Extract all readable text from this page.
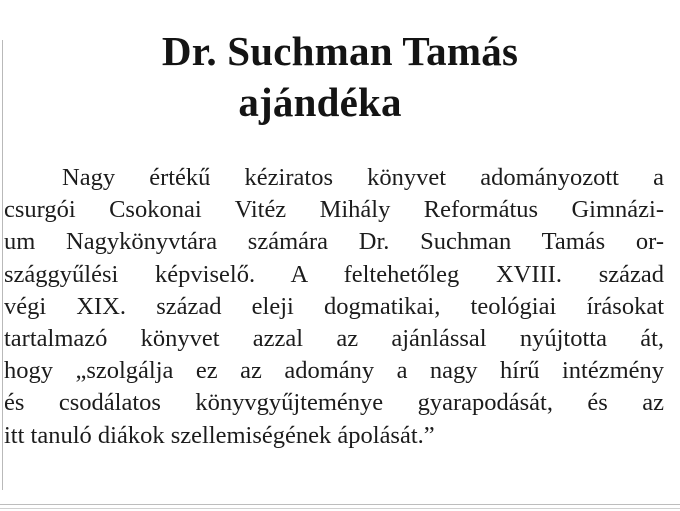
Dr. Suchman Tamás
ajándéka
Nagy értékű kéziratos könyvet adományozott a
csurgói Csokonai Vitéz Mihály Református Gimnázi-
um Nagykönyvtára számára Dr. Suchman Tamás or-
szággyűlési képviselő. A feltehetőleg XVIII. század
végi XIX. század eleji dogmatikai, teológiai írásokat
tartalmazó könyvet azzal az ajánlással nyújtotta át,
hogy „szolgálja ez az adomány a nagy hírű intézmény
és csodálatos könyvgyűjteménye gyarapodását, és az
itt tanuló diákok szellemiségének ápolását.”
